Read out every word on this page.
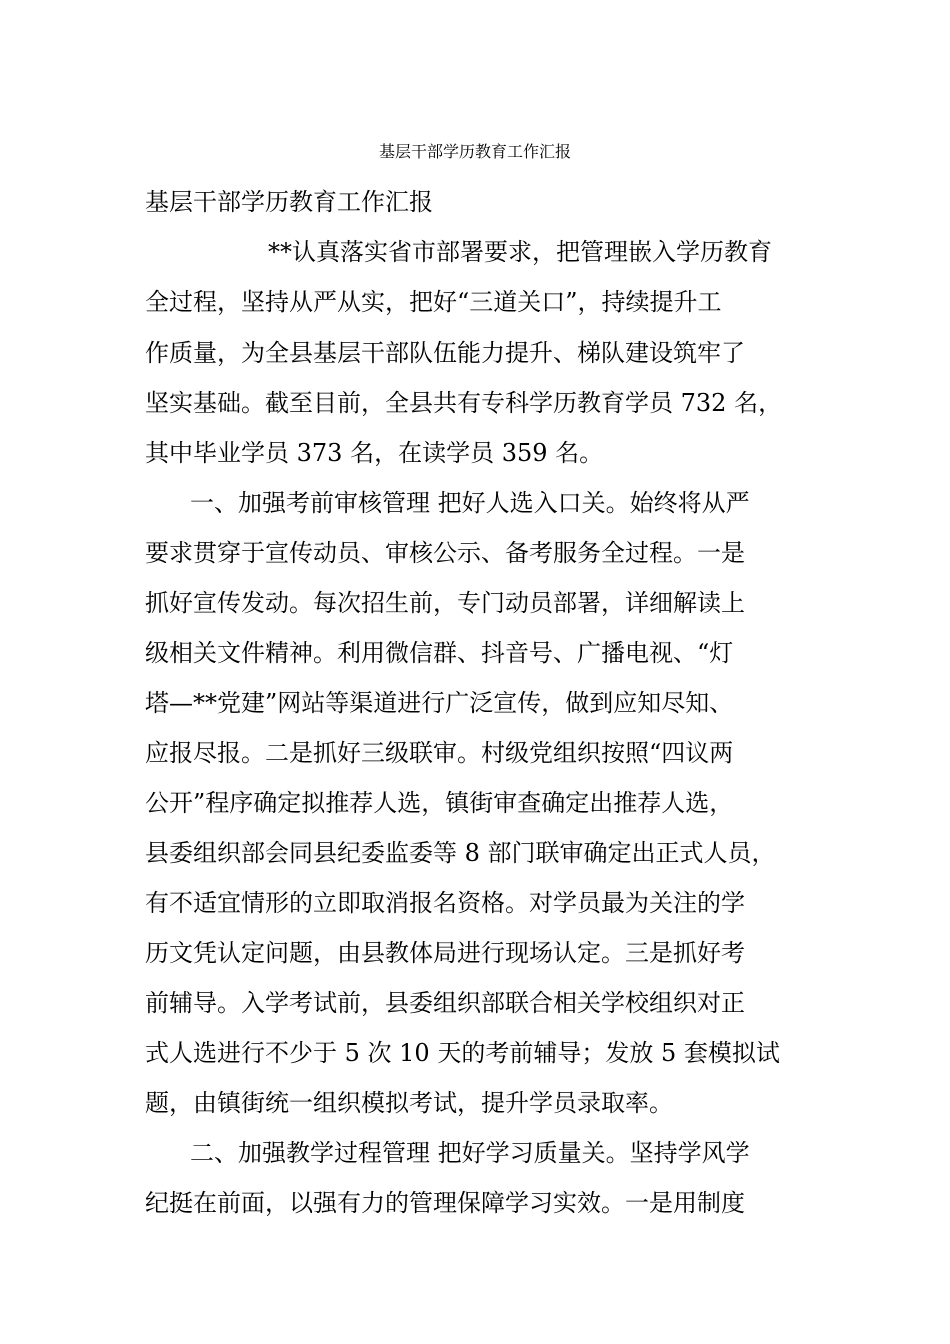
基层干部学历教育工作汇报
基层干部学历教育工作汇报
**认真落实省市部署要求，把管理嵌入学历教育
全过程，坚持从严从实，把好“三道关口”，持续提升工
作质量，为全县基层干部队伍能力提升、梯队建设筑牢了
坚实基础。截至目前，全县共有专科学历教育学员 732 名，
其中毕业学员 373 名，在读学员 359 名。
一、加强考前审核管理 把好人选入口关。始终将从严
要求贯穿于宣传动员、审核公示、备考服务全过程。一是
抓好宣传发动。每次招生前，专门动员部署，详细解读上
级相关文件精神。利用微信群、抖音号、广播电视、“灯
塔—**党建”网站等渠道进行广泛宣传，做到应知尽知、
应报尽报。二是抓好三级联审。村级党组织按照“四议两
公开”程序确定拟推荐人选，镇街审查确定出推荐人选，
县委组织部会同县纪委监委等 8 部门联审确定出正式人员，
有不适宜情形的立即取消报名资格。对学员最为关注的学
历文凭认定问题，由县教体局进行现场认定。三是抓好考
前辅导。入学考试前，县委组织部联合相关学校组织对正
式人选进行不少于 5 次 10 天的考前辅导；发放 5 套模拟试
题，由镇街统一组织模拟考试，提升学员录取率。
二、加强教学过程管理 把好学习质量关。坚持学风学
纪挺在前面，以强有力的管理保障学习实效。一是用制度
